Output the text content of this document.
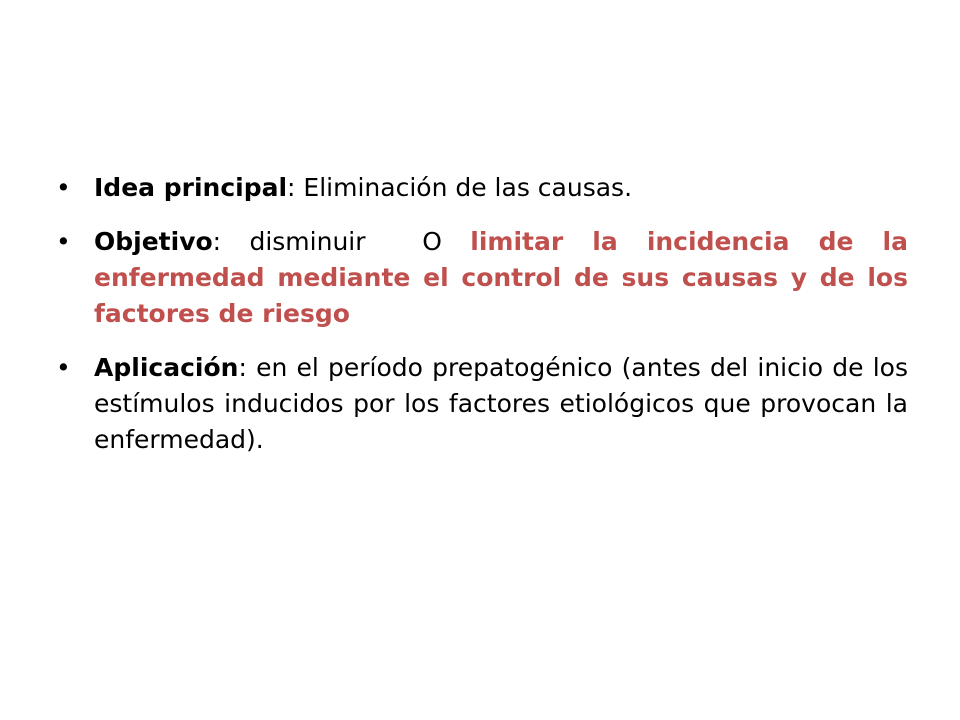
• Idea principal: Eliminación de las causas.
• Objetivo: disminuir  O limitar la incidencia de la enfermedad mediante el control de sus causas y de los factores de riesgo
• Aplicación: en el período prepatogénico (antes del inicio de los estímulos inducidos por los factores etiológicos que provocan la enfermedad).
